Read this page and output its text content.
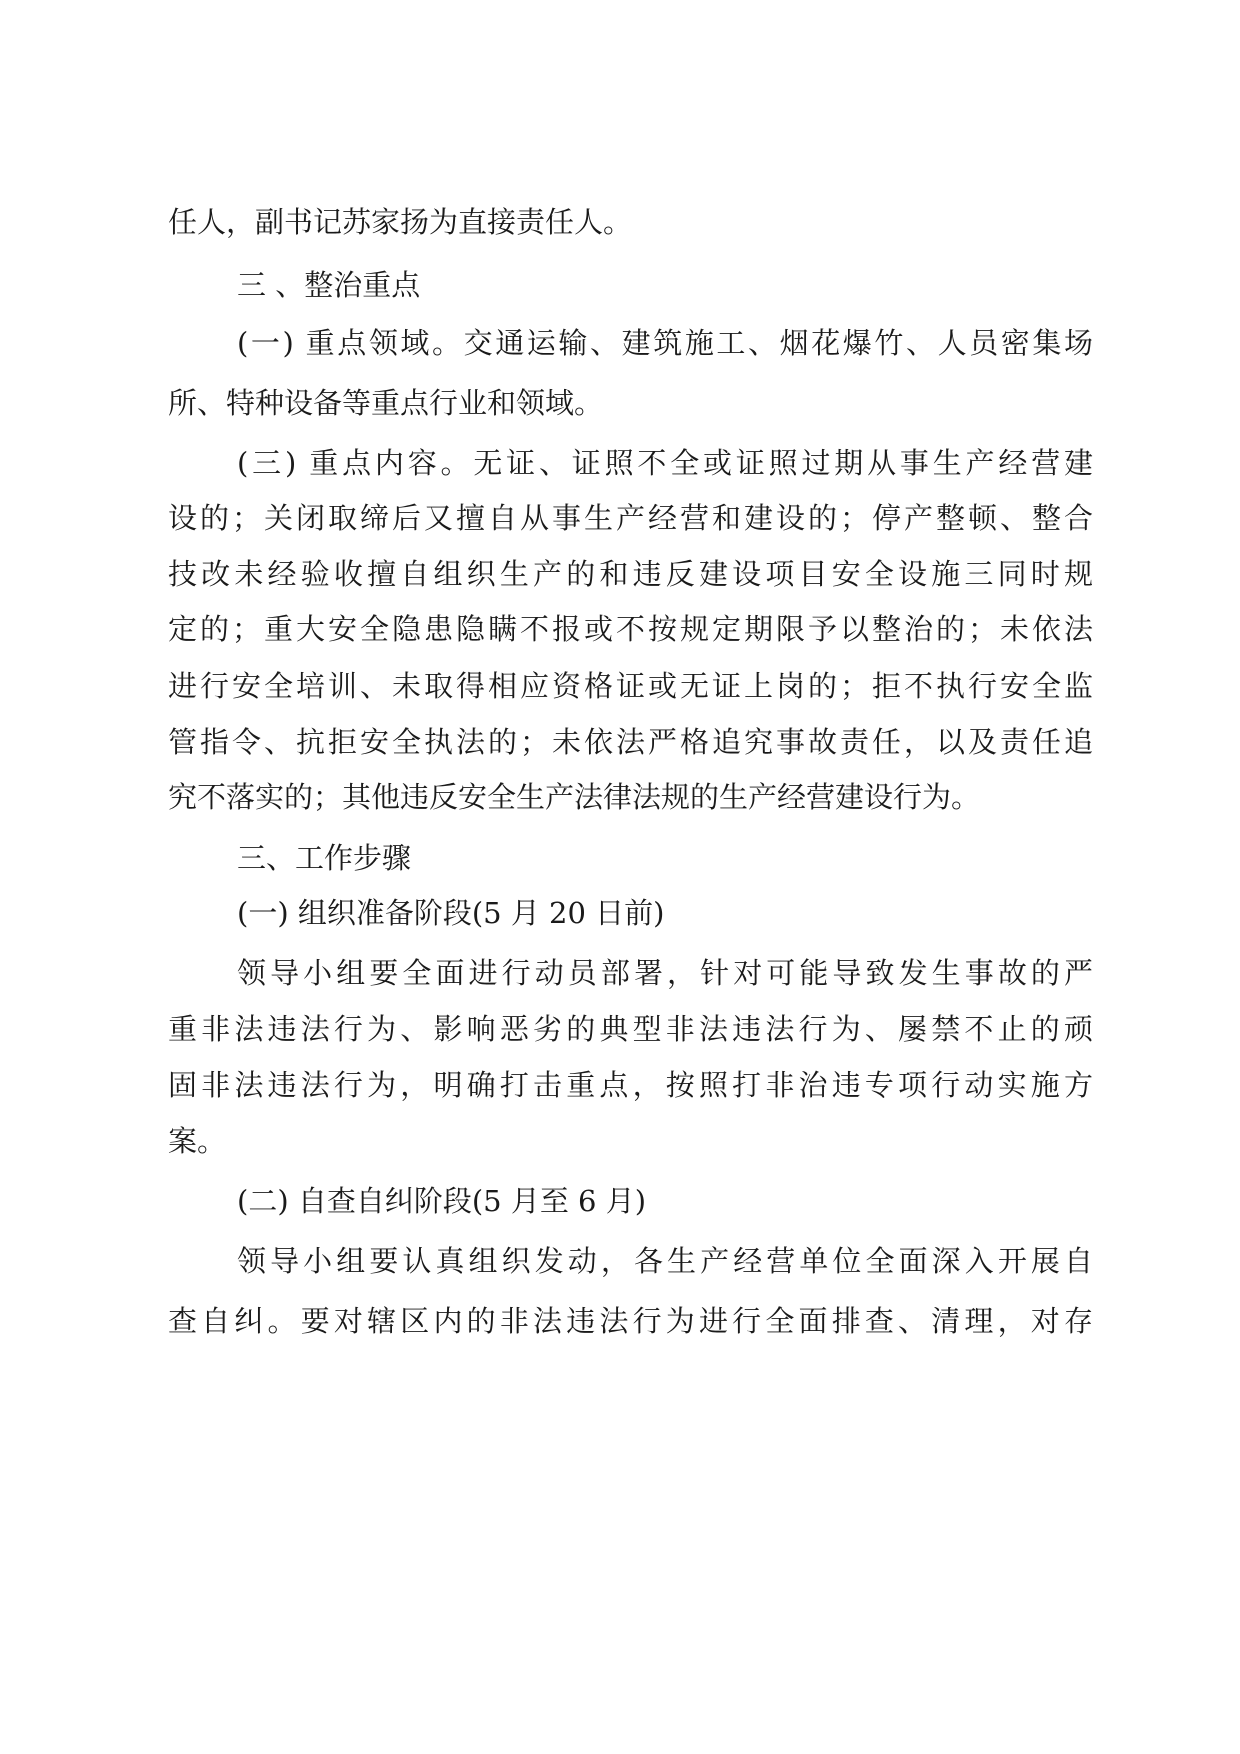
任人，副书记苏家扬为直接责任人。
三 、整治重点
(一) 重点领域。交通运输、建筑施工、烟花爆竹、人员密集场
所、特种设备等重点行业和领域。
(三) 重点内容。无证、证照不全或证照过期从事生产经营建
设的；关闭取缔后又擅自从事生产经营和建设的；停产整顿、整合
技改未经验收擅自组织生产的和违反建设项目安全设施三同时规
定的；重大安全隐患隐瞒不报或不按规定期限予以整治的；未依法
进行安全培训、未取得相应资格证或无证上岗的；拒不执行安全监
管指令、抗拒安全执法的；未依法严格追究事故责任，以及责任追
究不落实的；其他违反安全生产法律法规的生产经营建设行为。
三、工作步骤
(一) 组织准备阶段(5 月 20 日前)
领导小组要全面进行动员部署，针对可能导致发生事故的严
重非法违法行为、影响恶劣的典型非法违法行为、屡禁不止的顽
固非法违法行为，明确打击重点，按照打非治违专项行动实施方
案。
(二) 自查自纠阶段(5 月至 6 月)
领导小组要认真组织发动，各生产经营单位全面深入开展自
查自纠。要对辖区内的非法违法行为进行全面排查、清理，对存
